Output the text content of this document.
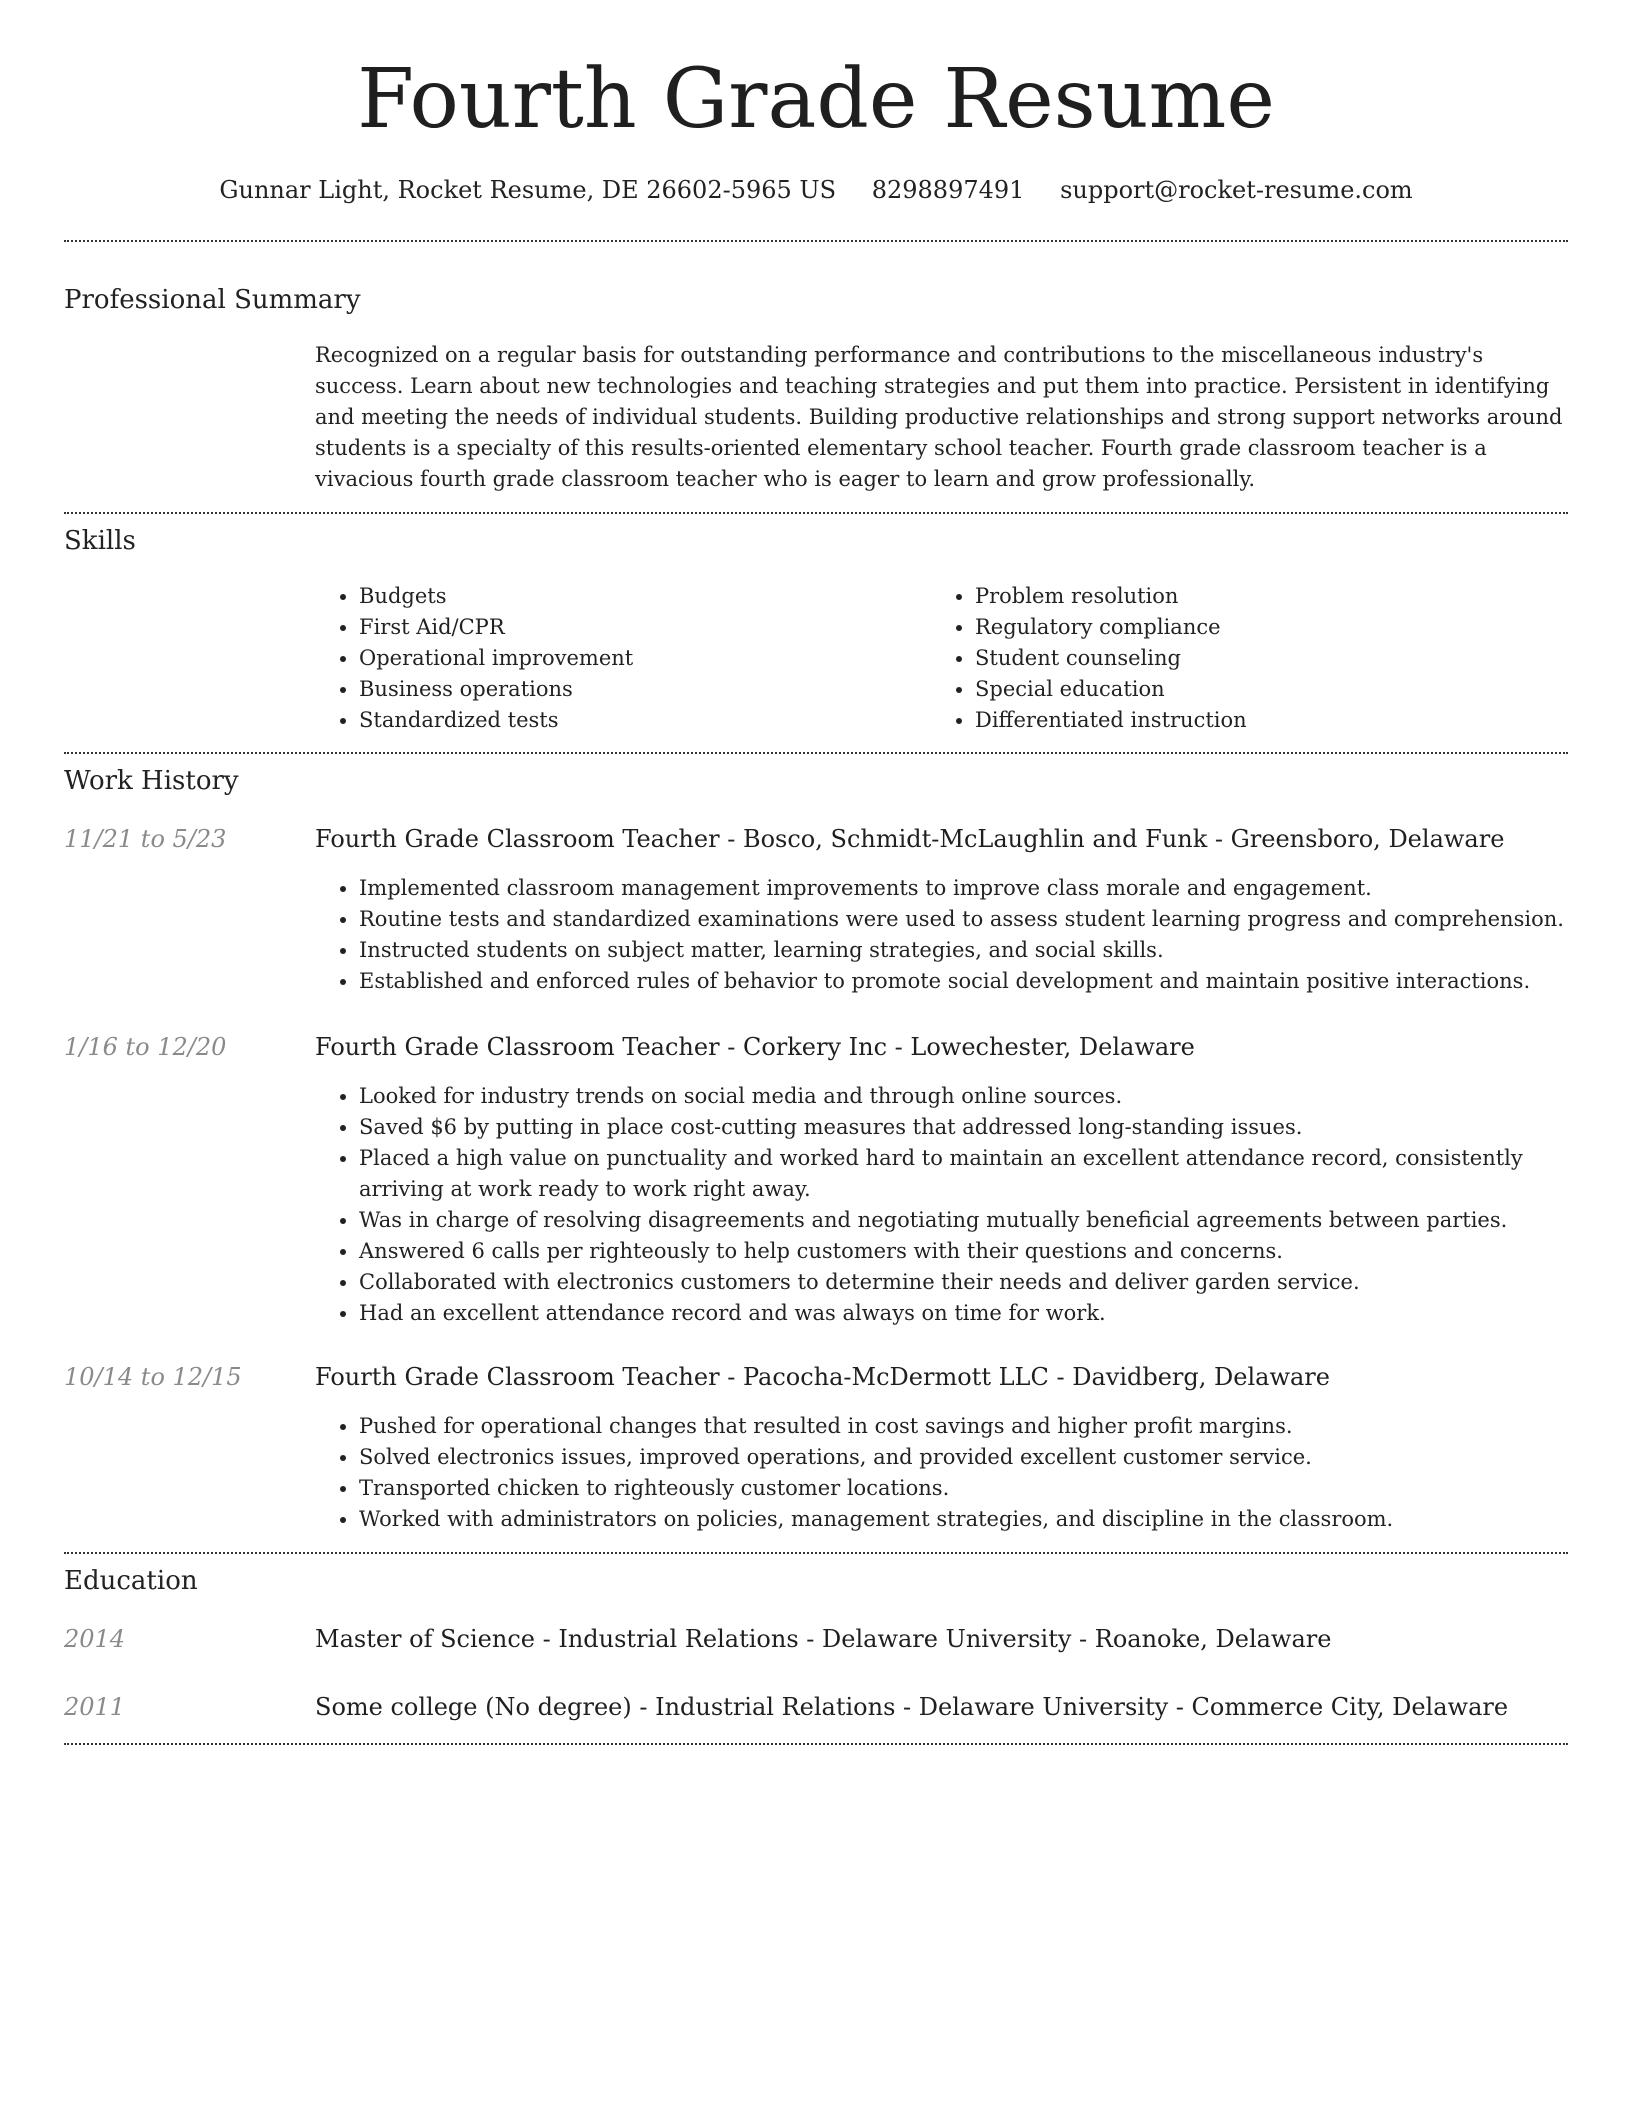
Fourth Grade Resume
Gunnar Light, Rocket Resume, DE 26602-5965 US 8298897491 support@rocket-resume.com
Professional Summary

Recognized on a regular basis for outstanding performance and contributions to the miscellaneous industry's success. Learn about new technologies and teaching strategies and put them into practice. Persistent in identifying and meeting the needs of individual students. Building productive relationships and strong support networks around students is a specialty of this results-oriented elementary school teacher. Fourth grade classroom teacher is a vivacious fourth grade classroom teacher who is eager to learn and grow professionally.

Skills
• Budgets
• First Aid/CPR
• Operational improvement
• Business operations
• Standardized tests
• Problem resolution
• Regulatory compliance
• Student counseling
• Special education
• Differentiated instruction
Work History
11/21 to 5/23	Fourth Grade Classroom Teacher - Bosco, Schmidt-McLaughlin and Funk - Greensboro, Delaware
• Implemented classroom management improvements to improve class morale and engagement.
• Routine tests and standardized examinations were used to assess student learning progress and comprehension.
• Instructed students on subject matter, learning strategies, and social skills.
• Established and enforced rules of behavior to promote social development and maintain positive interactions.
1/16 to 12/20	Fourth Grade Classroom Teacher - Corkery Inc - Lowechester, Delaware
• Looked for industry trends on social media and through online sources.
• Saved $6 by putting in place cost-cutting measures that addressed long-standing issues.
• Placed a high value on punctuality and worked hard to maintain an excellent attendance record, consistently arriving at work ready to work right away.
• Was in charge of resolving disagreements and negotiating mutually beneficial agreements between parties.
• Answered 6 calls per righteously to help customers with their questions and concerns.
• Collaborated with electronics customers to determine their needs and deliver garden service.
• Had an excellent attendance record and was always on time for work.
10/14 to 12/15	Fourth Grade Classroom Teacher - Pacocha-McDermott LLC - Davidberg, Delaware
• Pushed for operational changes that resulted in cost savings and higher profit margins.
• Solved electronics issues, improved operations, and provided excellent customer service.
• Transported chicken to righteously customer locations.
• Worked with administrators on policies, management strategies, and discipline in the classroom.
Education
2014	Master of Science - Industrial Relations - Delaware University - Roanoke, Delaware
2011	Some college (No degree) - Industrial Relations - Delaware University - Commerce City, Delaware
